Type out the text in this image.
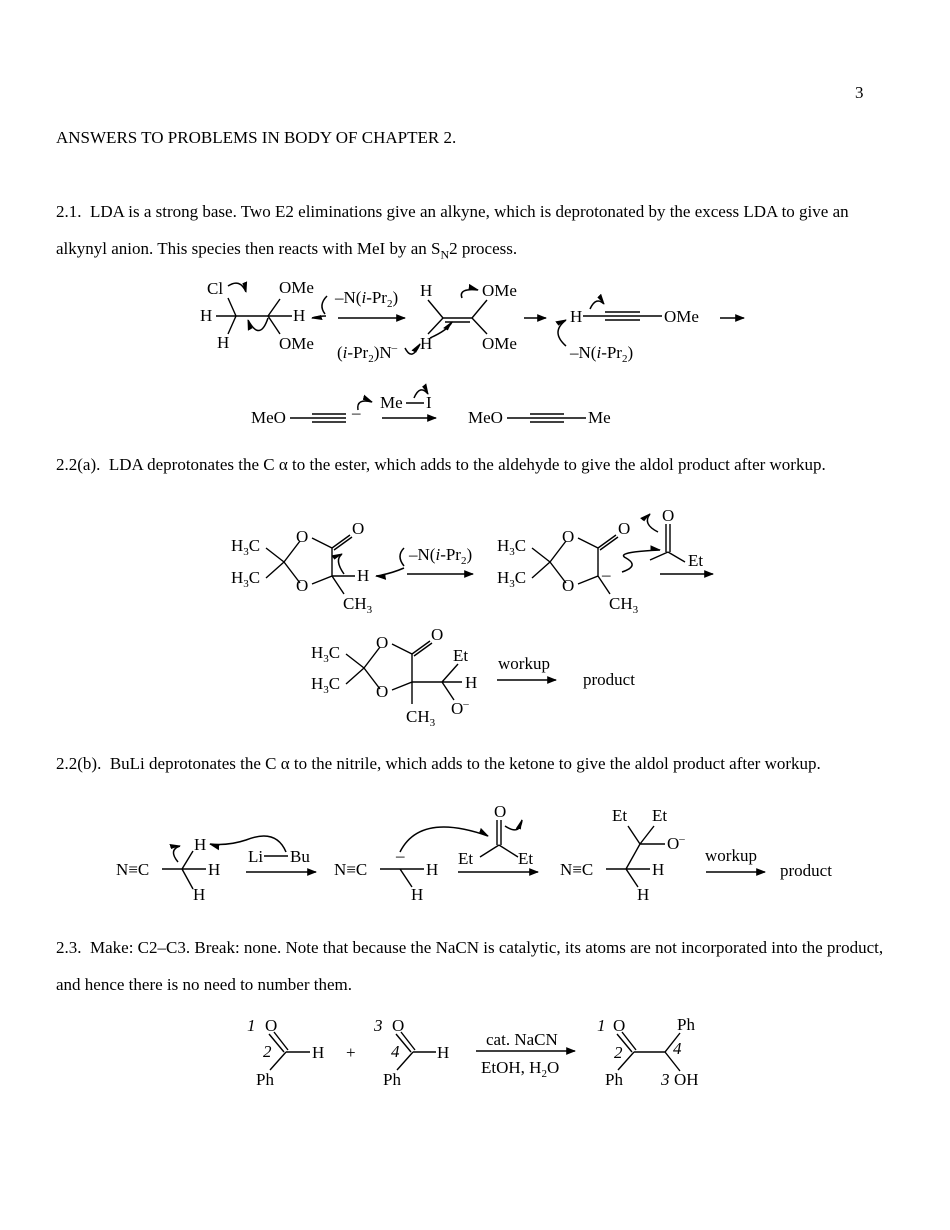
3
ANSWERS TO PROBLEMS IN BODY OF CHAPTER 2.
2.1. LDA is a strong base. Two E2 eliminations give an alkyne, which is deprotonated by the excess LDA to give an alkynyl anion. This species then reacts with MeI by an $S_N2$ process.
2.2(a). LDA deprotonates the C α to the ester, which adds to the aldehyde to give the aldol product after workup.
2.2(b). BuLi deprotonates the C α to the nitrile, which adds to the ketone to give the aldol product after workup.
2.3. Make: C2–C3. Break: none. Note that because the NaCN is catalytic, its atoms are not incorporated into the product, and hence there is no need to number them.
Cl
H
H
OMe
H
OMe
$-N(i-Pr_2)$ H	OMe
H	OMe
$(i-Pr_2)N^-$
H	OMe
$-N(i-Pr_2)$
MeO	–
Me I
MeO	Me
$H_3C$
$H_3C$
O
O
O
H
$CH_3$
$-N(i-Pr_2)$ $H_3C$
$H_3C$
O
O
O
–
$CH_3$
O
Et
$H_3C$
$H_3C$
O
O
O
Et
H
O–
$CH_3$
workup
product
N≡C
H
H
H
Li Bu
N≡C
–
H
H
O
Et	Et
N≡C
Et Et
O–
H
H
workup
product
1 O
2 H
Ph
+
3 O
4 H
Ph
cat. NaCN
EtOH, $H_2O$
1 O
2
Ph
Ph
4
3 OH
